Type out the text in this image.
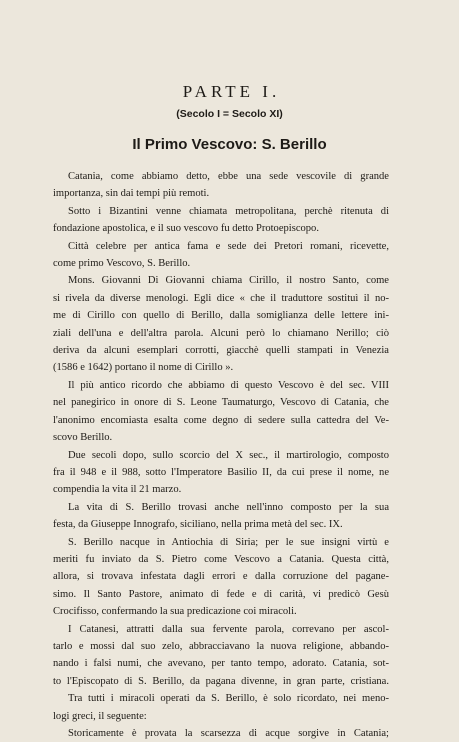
PARTE I.
(Secolo I = Secolo XI)
Il Primo Vescovo: S. Berillo
Catania, come abbiamo detto, ebbe una sede vescovile di grande
importanza, sin dai tempi più remoti.
Sotto i Bizantini venne chiamata metropolitana, perchè ritenuta di
fondazione apostolica, e il suo vescovo fu detto Protoepiscopo.
Città celebre per antica fama e sede dei Pretori romani, ricevette,
come primo Vescovo, S. Berillo.
Mons. Giovanni Di Giovanni chiama Cirillo, il nostro Santo, come
si rivela da diverse menologi. Egli dice « che il traduttore sostituì il no-
me di Cirillo con quello di Berillo, dalla somiglianza delle lettere ini-
ziali dell'una e dell'altra parola. Alcuni però lo chiamano Nerillo; ciò
deriva da alcuni esemplari corrotti, giacchè quelli stampati in Venezia
(1586 e 1642) portano il nome di Cirillo ».
Il più antico ricordo che abbiamo di questo Vescovo è del sec. VIII
nel panegirico in onore di S. Leone Taumaturgo, Vescovo di Catania, che
l'anonimo encomiasta esalta come degno di sedere sulla cattedra del Ve-
scovo Berillo.
Due secoli dopo, sullo scorcio del X sec., il martirologio, composto
fra il 948 e il 988, sotto l'Imperatore Basilio II, da cui prese il nome, ne
compendia la vita il 21 marzo.
La vita di S. Berillo trovasi anche nell'inno composto per la sua
festa, da Giuseppe Innografo, siciliano, nella prima metà del sec. IX.
S. Berillo nacque in Antiochia di Siria; per le sue insigni virtù e
meriti fu inviato da S. Pietro come Vescovo a Catania. Questa città,
allora, si trovava infestata dagli errori e dalla corruzione del pagane-
simo. Il Santo Pastore, animato di fede e di carità, vi predicò Gesù
Crocifisso, confermando la sua predicazione coi miracoli.
I Catanesi, attratti dalla sua fervente parola, correvano per ascol-
tarlo e mossi dal suo zelo, abbracciavano la nuova religione, abbando-
nando i falsi numi, che avevano, per tanto tempo, adorato. Catania, sot-
to l'Episcopato di S. Berillo, da pagana divenne, in gran parte, cristiana.
Tra tutti i miracoli operati da S. Berillo, è solo ricordato, nei meno-
logi greci, il seguente:
Storicamente è provata la scarsezza di acque sorgive in Catania;
